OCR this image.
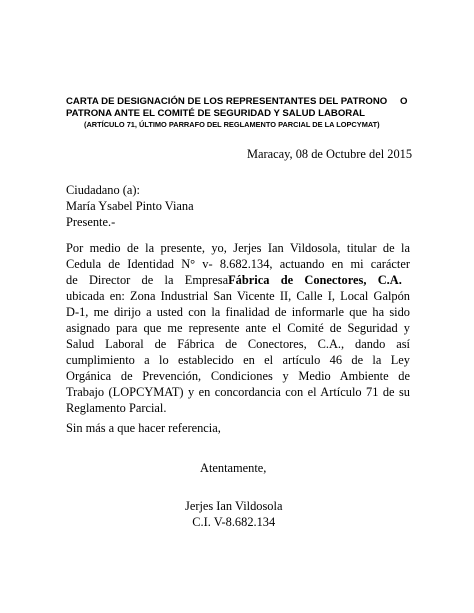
CARTA DE DESIGNACIÓN DE LOS REPRESENTANTES DEL PATRONO	O
PATRONA ANTE EL COMITÉ DE SEGURIDAD Y SALUD LABORAL
(ARTÍCULO 71, ÚLTIMO PARRAFO DEL REGLAMENTO PARCIAL DE LA LOPCYMAT)
Maracay, 08 de Octubre del 2015
Ciudadano (a):
María Ysabel Pinto Viana
Presente.-
Por medio de la presente, yo, Jerjes Ian Vildosola, titular de la
Cedula de Identidad N° v- 8.682.134, actuando en mi carácter
de Director de la EmpresaFábrica de Conectores, C.A.
ubicada en: Zona Industrial San Vicente II, Calle I, Local Galpón
D-1, me dirijo a usted con la finalidad de informarle que ha sido
asignado para que me represente ante el Comité de Seguridad y
Salud Laboral de Fábrica de Conectores, C.A., dando así
cumplimiento a lo establecido en el artículo 46 de la Ley
Orgánica de Prevención, Condiciones y Medio Ambiente de
Trabajo (LOPCYMAT) y en concordancia con el Artículo 71 de su
Reglamento Parcial.
Sin más a que hacer referencia,
Atentamente,
Jerjes Ian Vildosola
C.I. V-8.682.134
